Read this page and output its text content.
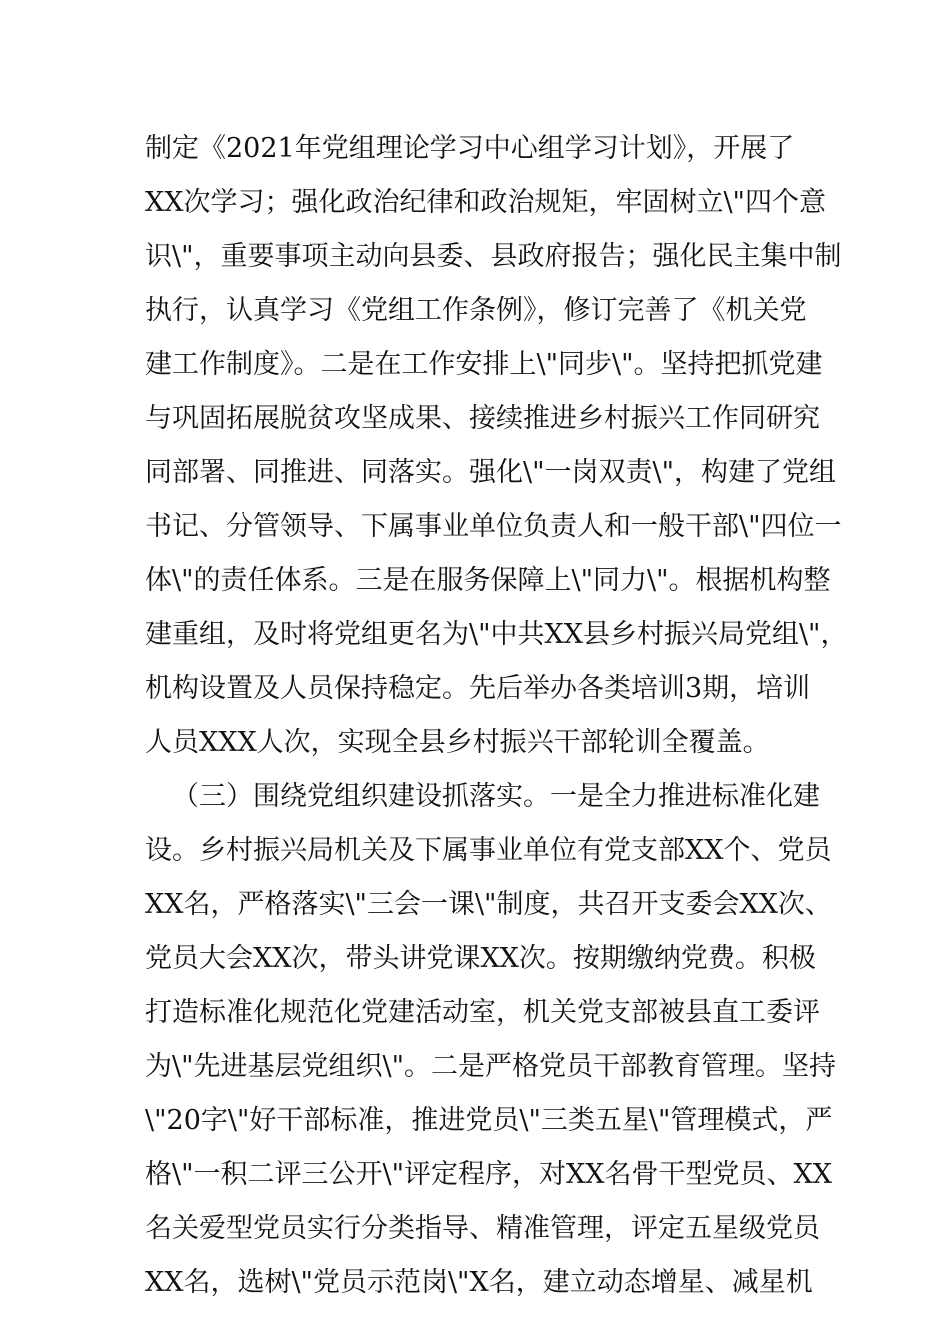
制定《2021年党组理论学习中心组学习计划》，开展了
XX次学习；强化政治纪律和政治规矩，牢固树立\"四个意
识\"，重要事项主动向县委、县政府报告；强化民主集中制
执行，认真学习《党组工作条例》，修订完善了《机关党
建工作制度》。二是在工作安排上\"同步\"。坚持把抓党建
与巩固拓展脱贫攻坚成果、接续推进乡村振兴工作同研究
同部署、同推进、同落实。强化\"一岗双责\"，构建了党组
书记、分管领导、下属事业单位负责人和一般干部\"四位一
体\"的责任体系。三是在服务保障上\"同力\"。根据机构整
建重组，及时将党组更名为\"中共XX县乡村振兴局党组\"，
机构设置及人员保持稳定。先后举办各类培训3期，培训
人员XXX人次，实现全县乡村振兴干部轮训全覆盖。
（三）围绕党组织建设抓落实。一是全力推进标准化建
设。乡村振兴局机关及下属事业单位有党支部XX个、党员
XX名，严格落实\"三会一课\"制度，共召开支委会XX次、
党员大会XX次，带头讲党课XX次。按期缴纳党费。积极
打造标准化规范化党建活动室，机关党支部被县直工委评
为\"先进基层党组织\"。二是严格党员干部教育管理。坚持
\"20字\"好干部标准，推进党员\"三类五星\"管理模式，严
格\"一积二评三公开\"评定程序，对XX名骨干型党员、XX
名关爱型党员实行分类指导、精准管理，评定五星级党员
XX名，选树\"党员示范岗\"X名，建立动态增星、减星机
